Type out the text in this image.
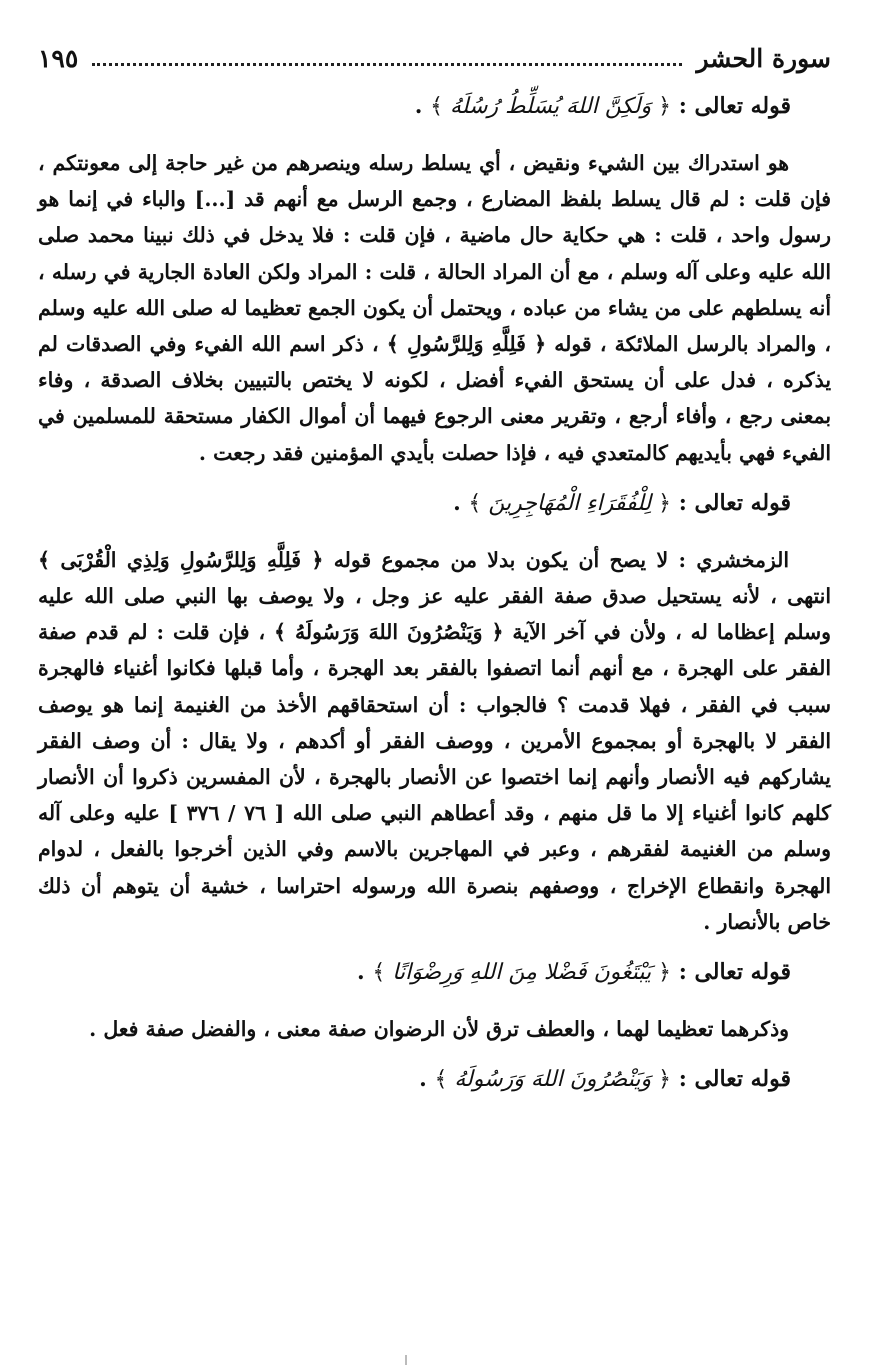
سورة الحشر
١٩٥
قوله تعالى : ﴿ وَلَكِنَّ اللهَ يُسَلِّطُ رُسُلَهُ ﴾ .

هو استدراك بين الشيء ونقيض ، أي يسلط رسله وينصرهم من غير حاجة إلى معونتكم ، فإن قلت : لم قال يسلط بلفظ المضارع ، وجمع الرسل مع أنهم قد [...] والباء في إنما هو رسول واحد ، قلت : هي حكاية حال ماضية ، فإن قلت : فلا يدخل في ذلك نبينا محمد صلى الله عليه وعلى آله وسلم ، مع أن المراد الحالة ، قلت : المراد ولكن العادة الجارية في رسله ، أنه يسلطهم على من يشاء من عباده ، ويحتمل أن يكون الجمع تعظيما له صلى الله عليه وسلم ، والمراد بالرسل الملائكة ، قوله ﴿ فَلِلَّهِ وَلِلرَّسُولِ ﴾ ، ذكر اسم الله الفيء وفي الصدقات لم يذكره ، فدل على أن يستحق الفيء أفضل ، لكونه لا يختص بالتبيين بخلاف الصدقة ، وفاء بمعنى رجع ، وأفاء أرجع ، وتقرير معنى الرجوع فيهما أن أموال الكفار مستحقة للمسلمين في الفيء فهي بأيديهم كالمتعدي فيه ، فإذا حصلت بأيدي المؤمنين فقد رجعت .

قوله تعالى : ﴿ لِلْفُقَرَاءِ الْمُهَاجِرِينَ ﴾ .

الزمخشري : لا يصح أن يكون بدلا من مجموع قوله ﴿ فَلِلَّهِ وَلِلرَّسُولِ وَلِذِي الْقُرْبَى ﴾ انتهى ، لأنه يستحيل صدق صفة الفقر عليه عز وجل ، ولا يوصف بها النبي صلى الله عليه وسلم إعظاما له ، ولأن في آخر الآية ﴿ وَيَنْصُرُونَ اللهَ وَرَسُولَهُ ﴾ ، فإن قلت : لم قدم صفة الفقر على الهجرة ، مع أنهم أنما اتصفوا بالفقر بعد الهجرة ، وأما قبلها فكانوا أغنياء فالهجرة سبب في الفقر ، فهلا قدمت ؟ فالجواب : أن استحقاقهم الأخذ من الغنيمة إنما هو يوصف الفقر لا بالهجرة أو بمجموع الأمرين ، ووصف الفقر أو أكدهم ، ولا يقال : أن وصف الفقر يشاركهم فيه الأنصار وأنهم إنما اختصوا عن الأنصار بالهجرة ، لأن المفسرين ذكروا أن الأنصار كلهم كانوا أغنياء إلا ما قل منهم ، وقد أعطاهم النبي صلى الله [ ٧٦ / ٣٧٦ ] عليه وعلى آله وسلم من الغنيمة لفقرهم ، وعبر في المهاجرين بالاسم وفي الذين أخرجوا بالفعل ، لدوام الهجرة وانقطاع الإخراج ، ووصفهم بنصرة الله ورسوله احتراسا ، خشية أن يتوهم أن ذلك خاص بالأنصار .

قوله تعالى : ﴿ يَبْتَغُونَ فَضْلا مِنَ اللهِ وَرِضْوَانًا ﴾ .

وذكرهما تعظيما لهما ، والعطف ترق لأن الرضوان صفة معنى ، والفضل صفة فعل .

قوله تعالى : ﴿ وَيَنْصُرُونَ اللهَ وَرَسُولَهُ ﴾ .
